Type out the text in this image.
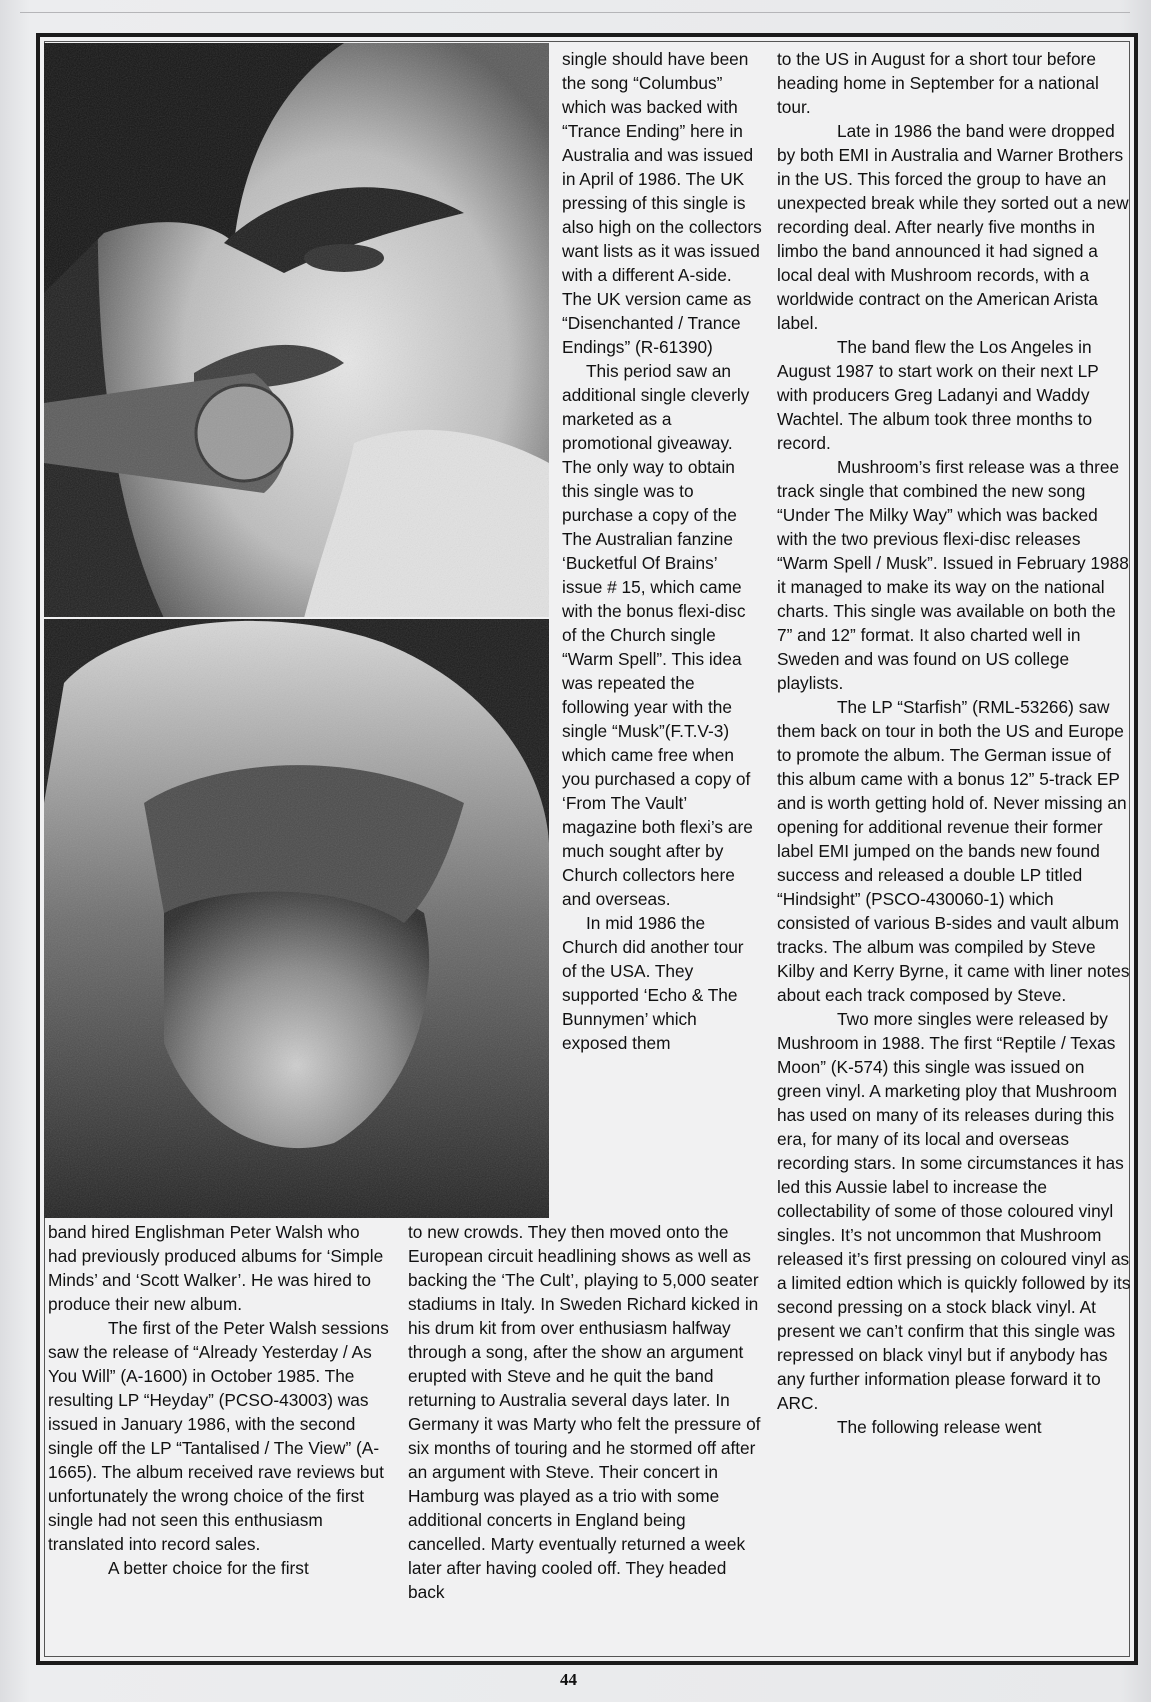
single should have been the song “Columbus” which was backed with “Trance Ending” here in Australia and was issued in April of 1986. The UK pressing of this single is also high on the collectors want lists as it was issued with a different A-side. The UK version came as “Disenchanted / Trance Endings” (R-61390)

This period saw an additional single cleverly marketed as a promotional giveaway. The only way to obtain this single was to purchase a copy of the The Australian fanzine ‘Bucketful Of Brains’ issue # 15, which came with the bonus flexi-disc of the Church single “Warm Spell”. This idea was repeated the following year with the single “Musk”(F.T.V-3) which came free when you purchased a copy of ‘From The Vault’ magazine both flexi’s are much sought after by Church collectors here and overseas.

In mid 1986 the Church did another tour of the USA. They supported ‘Echo & The Bunnymen’ which exposed them

to the US in August for a short tour before heading home in September for a national tour.

Late in 1986 the band were dropped by both EMI in Australia and Warner Brothers in the US. This forced the group to have an unexpected break while they sorted out a new recording deal. After nearly five months in limbo the band announced it had signed a local deal with Mushroom records, with a worldwide contract on the American Arista label.

The band flew the Los Angeles in August 1987 to start work on their next LP with producers Greg Ladanyi and Waddy Wachtel. The album took three months to record.

Mushroom’s first release was a three track single that combined the new song “Under The Milky Way” which was backed with the two previous flexi-disc releases “Warm Spell / Musk”. Issued in February 1988 it managed to make its way on the national charts. This single was available on both the 7” and 12” format. It also charted well in Sweden and was found on US college playlists.

The LP “Starfish” (RML-53266) saw them back on tour in both the US and Europe to promote the album. The German issue of this album came with a bonus 12” 5-track EP and is worth getting hold of. Never missing an opening for additional revenue their former label EMI jumped on the bands new found success and released a double LP titled “Hindsight” (PSCO-430060-1) which consisted of various B-sides and vault album tracks. The album was compiled by Steve Kilby and Kerry Byrne, it came with liner notes about each track composed by Steve.

Two more singles were released by Mushroom in 1988. The first “Reptile / Texas Moon” (K-574) this single was issued on green vinyl. A marketing ploy that Mushroom has used on many of its releases during this era, for many of its local and overseas recording stars. In some circumstances it has led this Aussie label to increase the collectability of some of those coloured vinyl singles. It’s not uncommon that Mushroom released it’s first pressing on coloured vinyl as a limited edtion which is quickly followed by its second pressing on a stock black vinyl. At present we can’t confirm that this single was repressed on black vinyl but if anybody has any further information please forward it to ARC.

The following release went

band hired Englishman Peter Walsh who had previously produced albums for ‘Simple Minds’ and ‘Scott Walker’. He was hired to produce their new album.

The first of the Peter Walsh sessions saw the release of “Already Yesterday / As You Will” (A-1600) in October 1985. The resulting LP “Heyday” (PCSO-43003) was issued in January 1986, with the second single off the LP “Tantalised / The View” (A-1665). The album received rave reviews but unfortunately the wrong choice of the first single had not seen this enthusiasm translated into record sales.

A better choice for the first

to new crowds. They then moved onto the European circuit headlining shows as well as backing the ‘The Cult’, playing to 5,000 seater stadiums in Italy. In Sweden Richard kicked in his drum kit from over enthusiasm halfway through a song, after the show an argument erupted with Steve and he quit the band returning to Australia several days later. In Germany it was Marty who felt the pressure of six months of touring and he stormed off after an argument with Steve. Their concert in Hamburg was played as a trio with some additional concerts in England being cancelled. Marty eventually returned a week later after having cooled off. They headed back

44
